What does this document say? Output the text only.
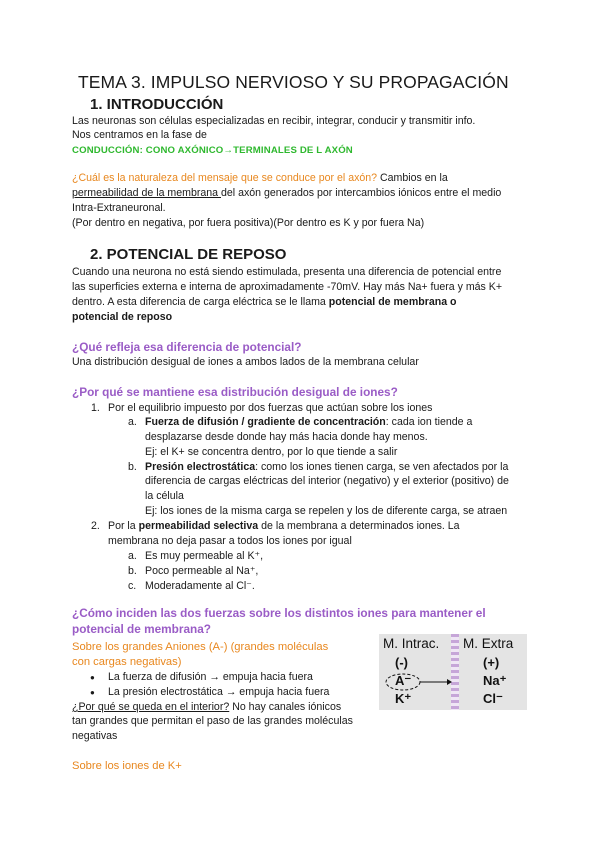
TEMA 3. IMPULSO NERVIOSO Y SU PROPAGACIÓN
1. INTRODUCCIÓN
Las neuronas son células especializadas en recibir, integrar, conducir y transmitir info.
Nos centramos en la fase de
CONDUCCIÓN: CONO AXÓNICO→TERMINALES DE L AXÓN
¿Cuál es la naturaleza del mensaje que se conduce por el axón? Cambios en la
permeabilidad de la membrana del axón generados por intercambios iónicos entre el medio
Intra-Extraneuronal.
(Por dentro en negativa, por fuera positiva)(Por dentro es K y por fuera Na)
2. POTENCIAL DE REPOSO
Cuando una neurona no está siendo estimulada, presenta una diferencia de potencial entre
las superficies externa e interna de aproximadamente -70mV. Hay más Na+ fuera y más K+
dentro. A esta diferencia de carga eléctrica se le llama potencial de membrana o
potencial de reposo
¿Qué refleja esa diferencia de potencial?
Una distribución desigual de iones a ambos lados de la membrana celular
¿Por qué se mantiene esa distribución desigual de iones?
1. Por el equilibrio impuesto por dos fuerzas que actúan sobre los iones
a. Fuerza de difusión / gradiente de concentración: cada ion tiende a
desplazarse desde donde hay más hacia donde hay menos.
Ej: el K+ se concentra dentro, por lo que tiende a salir
b. Presión electrostática: como los iones tienen carga, se ven afectados por la
diferencia de cargas eléctricas del interior (negativo) y el exterior (positivo) de
la célula
Ej: los iones de la misma carga se repelen y los de diferente carga, se atraen
2. Por la permeabilidad selectiva de la membrana a determinados iones. La
membrana no deja pasar a todos los iones por igual
a. Es muy permeable al K⁺,
b. Poco permeable al Na⁺,
c. Moderadamente al Cl⁻.
¿Cómo inciden las dos fuerzas sobre los distintos iones para mantener el
potencial de membrana?
Sobre los grandes Aniones (A-) (grandes moléculas
con cargas negativas)
● La fuerza de difusión → empuja hacia fuera
● La presión electrostática → empuja hacia fuera
¿Por qué se queda en el interior? No hay canales iónicos
tan grandes que permitan el paso de las grandes moléculas
negativas
Sobre los iones de K+
M. Intrac. M. Extra
(-)
A⁻
K⁺
(+)
Na⁺
Cl⁻
